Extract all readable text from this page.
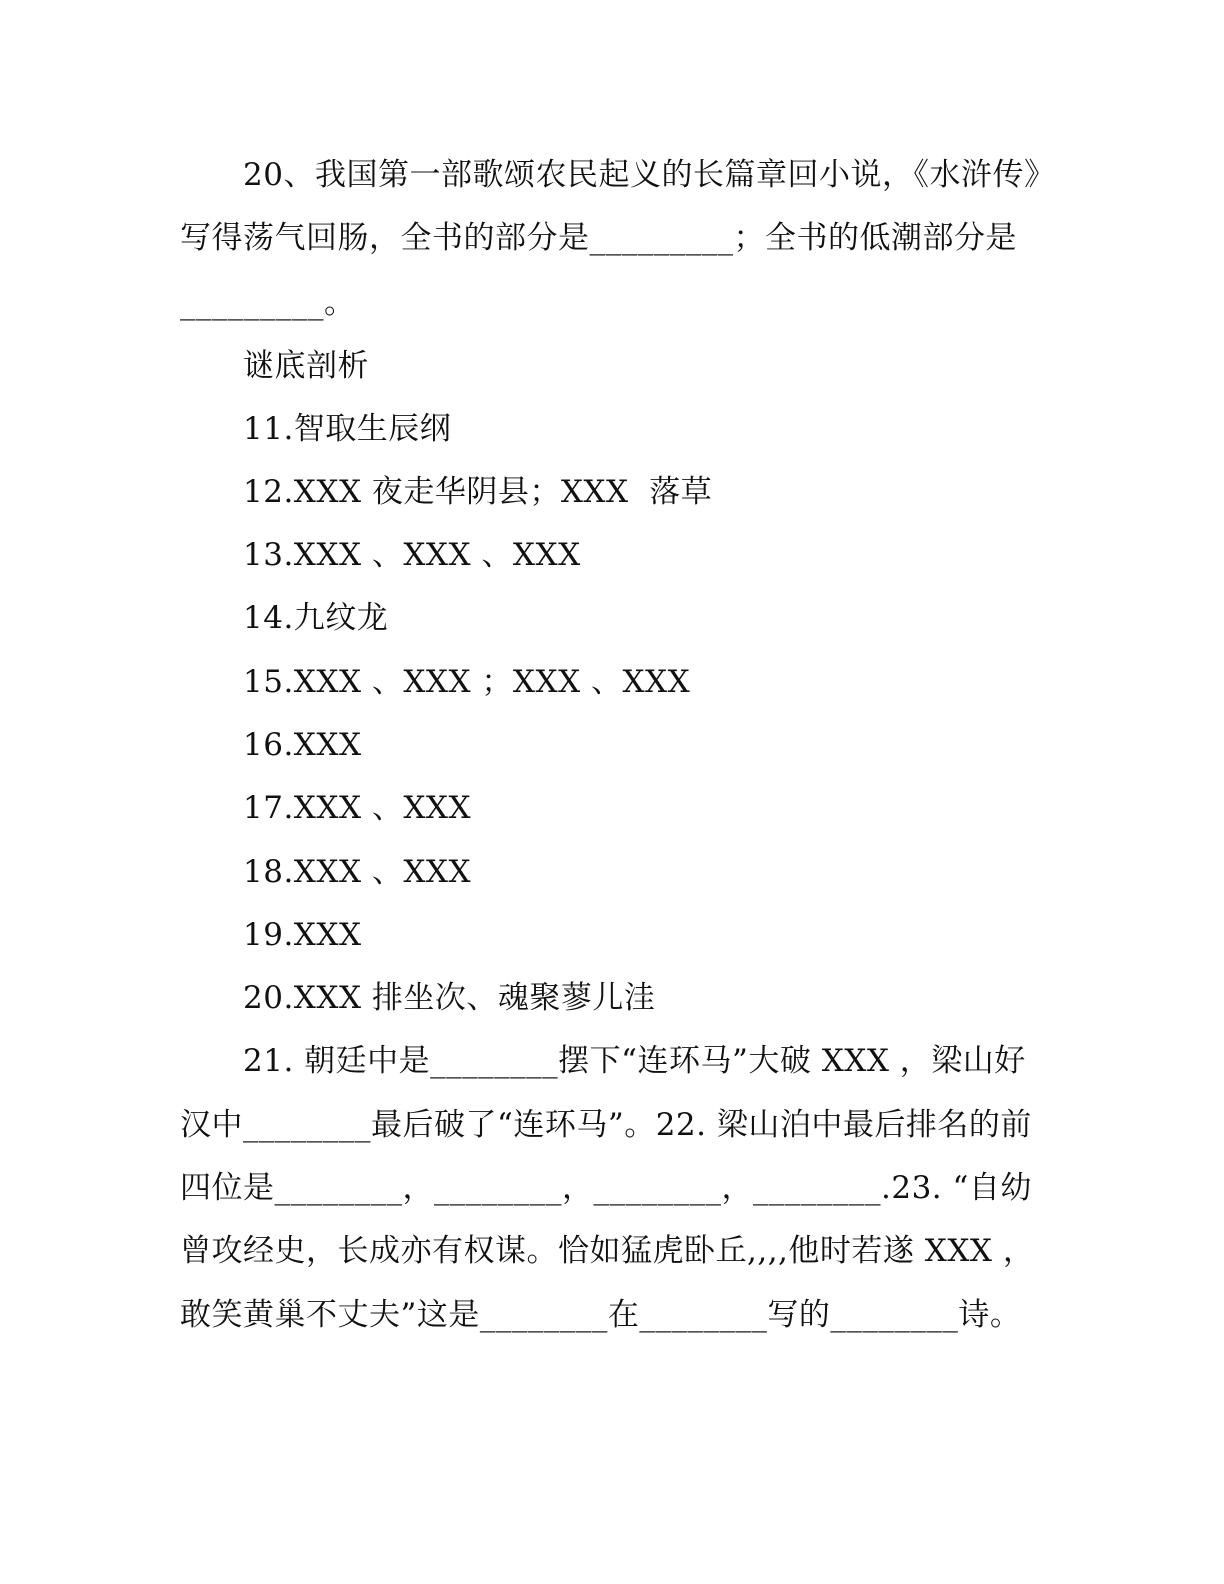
20、我国第一部歌颂农民起义的长篇章回小说，《水浒传》
写得荡气回肠，全书的部分是_________；全书的低潮部分是
_________。
谜底剖析
11.智取生辰纲
12.XXX 夜走华阴县；XXX  落草
13.XXX 、XXX 、XXX
14.九纹龙
15.XXX 、XXX ；XXX 、XXX
16.XXX
17.XXX 、XXX
18.XXX 、XXX
19.XXX
20.XXX 排坐次、魂聚蓼儿洼
21. 朝廷中是________摆下“连环马”大破 XXX ，梁山好
汉中________最后破了“连环马”。22. 梁山泊中最后排名的前
四位是________，________，________，________.23. “自幼
曾攻经史，长成亦有权谋。恰如猛虎卧丘,,,,他时若遂 XXX ，
敢笑黄巢不丈夫”这是________在________写的________诗。
